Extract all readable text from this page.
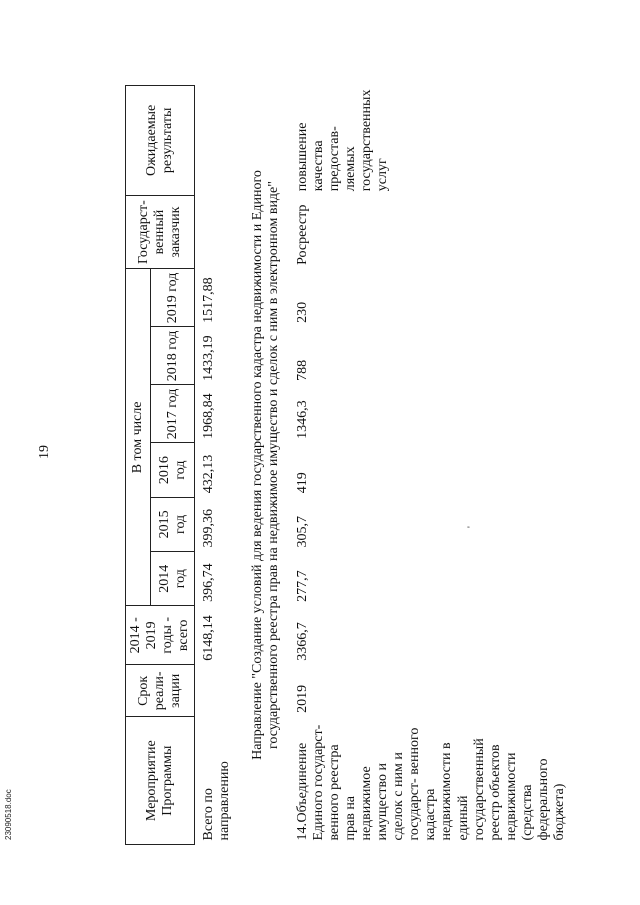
19
Мероприятие Программы	Срок реали- зации	2014 - 2019 годы - всего	В том числе						Государст- венный заказчик	Ожидаемые результаты
			2014 год	2015 год	2016 год	2017 год	2018 год	2019 год		
Всего по направлению		6148,14	396,74	399,36	432,13	1968,84	1433,19	1517,88		
Направление "Создание условий для ведения государственного кадастра недвижимости и Единого государственного реестра прав на недвижимое имущество и сделок с ним в электронном виде"										
14.Объединение Единого государст- венного реестра прав на недвижимое имущество и сделок с ним и государст- венного кадастра недвижимости в единый государственный реестр объектов недвижимости (средства федерального бюджета)	2019	3366,7	277,7	305,7	419	1346,3	788	230	Росреестр	повышение качества предостав- ляемых государственных услуг
'
23090518.doc
